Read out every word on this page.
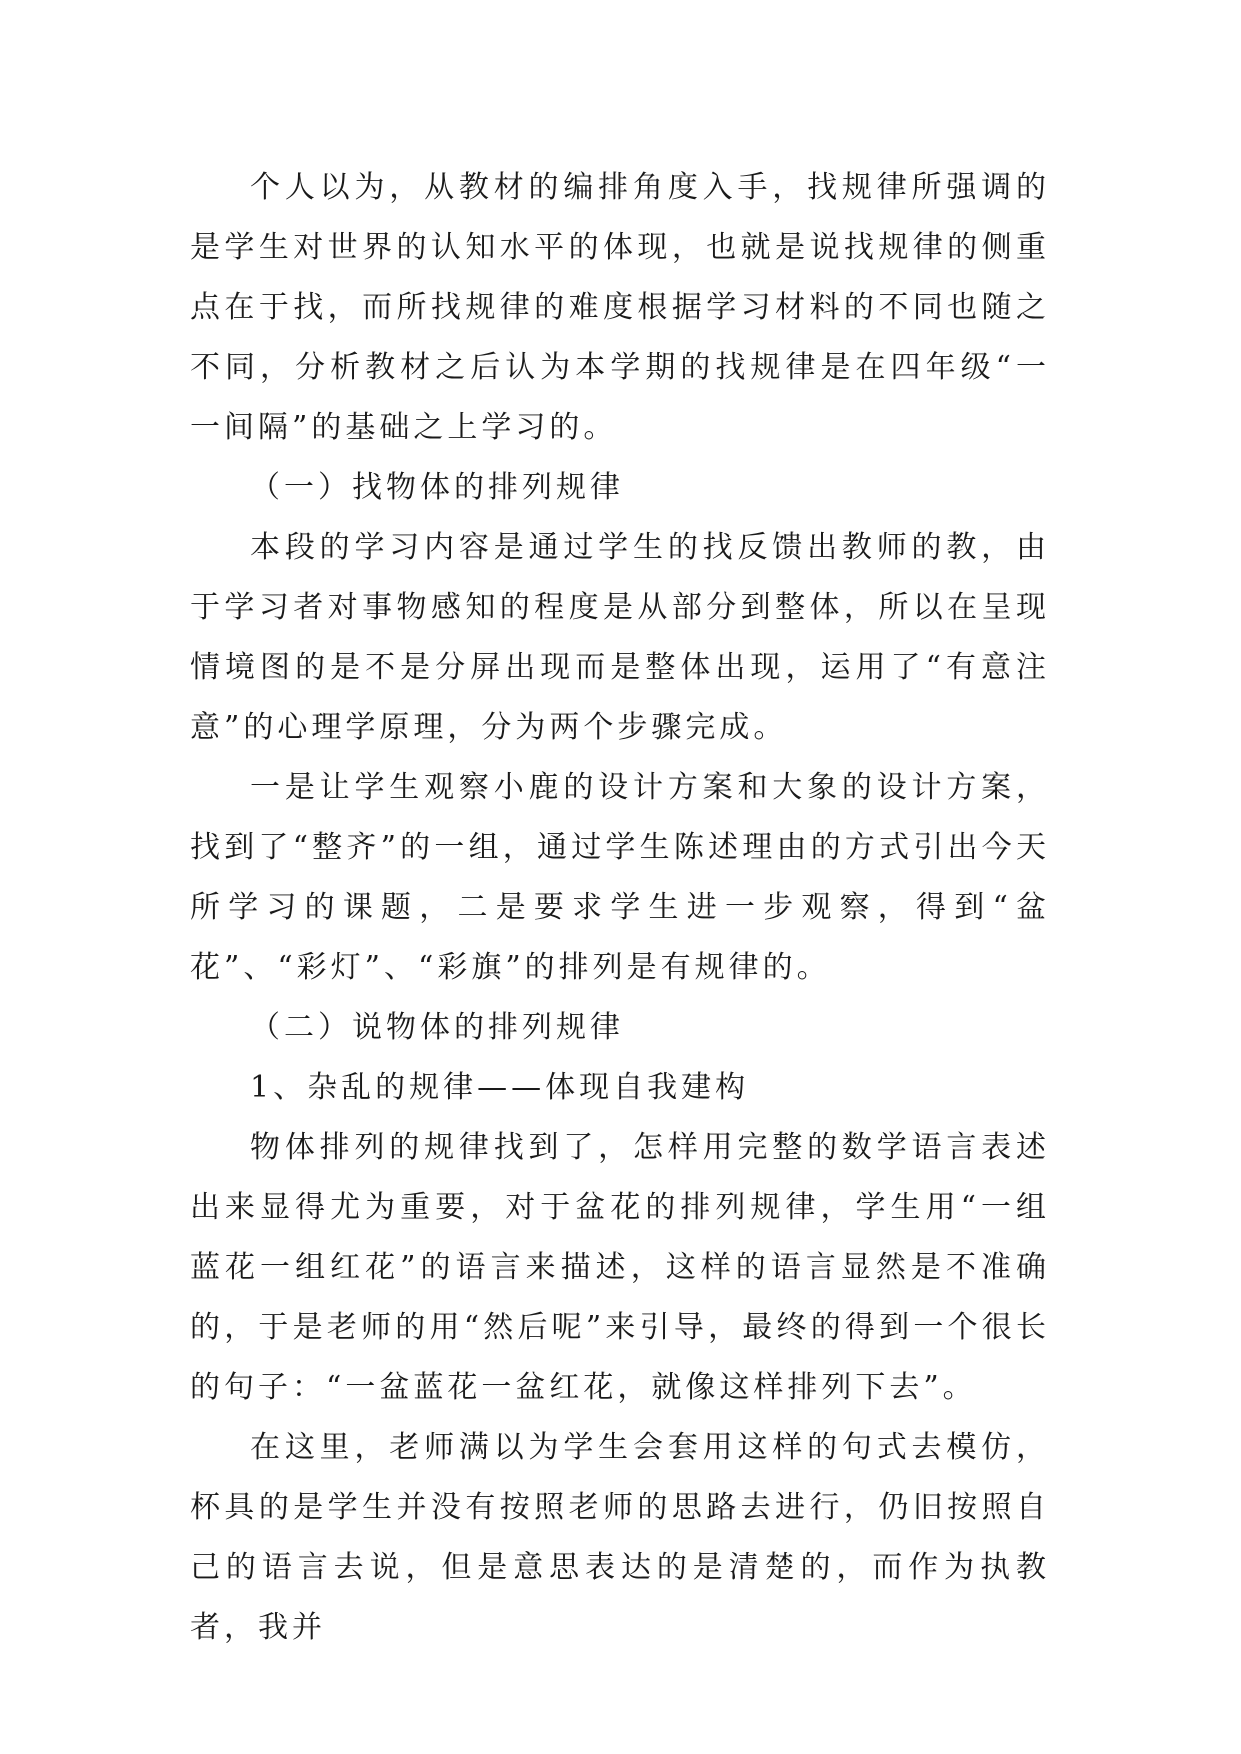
个人以为，从教材的编排角度入手，找规律所强调的是学生对世界的认知水平的体现，也就是说找规律的侧重点在于找，而所找规律的难度根据学习材料的不同也随之不同，分析教材之后认为本学期的找规律是在四年级“一一间隔”的基础之上学习的。

（一）找物体的排列规律

本段的学习内容是通过学生的找反馈出教师的教，由于学习者对事物感知的程度是从部分到整体，所以在呈现情境图的是不是分屏出现而是整体出现，运用了“有意注意”的心理学原理，分为两个步骤完成。

一是让学生观察小鹿的设计方案和大象的设计方案，找到了“整齐”的一组，通过学生陈述理由的方式引出今天所学习的课题，二是要求学生进一步观察，得到“盆花”、“彩灯”、“彩旗”的排列是有规律的。

（二）说物体的排列规律

1、杂乱的规律——体现自我建构

物体排列的规律找到了，怎样用完整的数学语言表述出来显得尤为重要，对于盆花的排列规律，学生用“一组蓝花一组红花”的语言来描述，这样的语言显然是不准确的，于是老师的用“然后呢”来引导，最终的得到一个很长的句子：“一盆蓝花一盆红花，就像这样排列下去”。

在这里，老师满以为学生会套用这样的句式去模仿，杯具的是学生并没有按照老师的思路去进行，仍旧按照自己的语言去说，但是意思表达的是清楚的，而作为执教者，我并
